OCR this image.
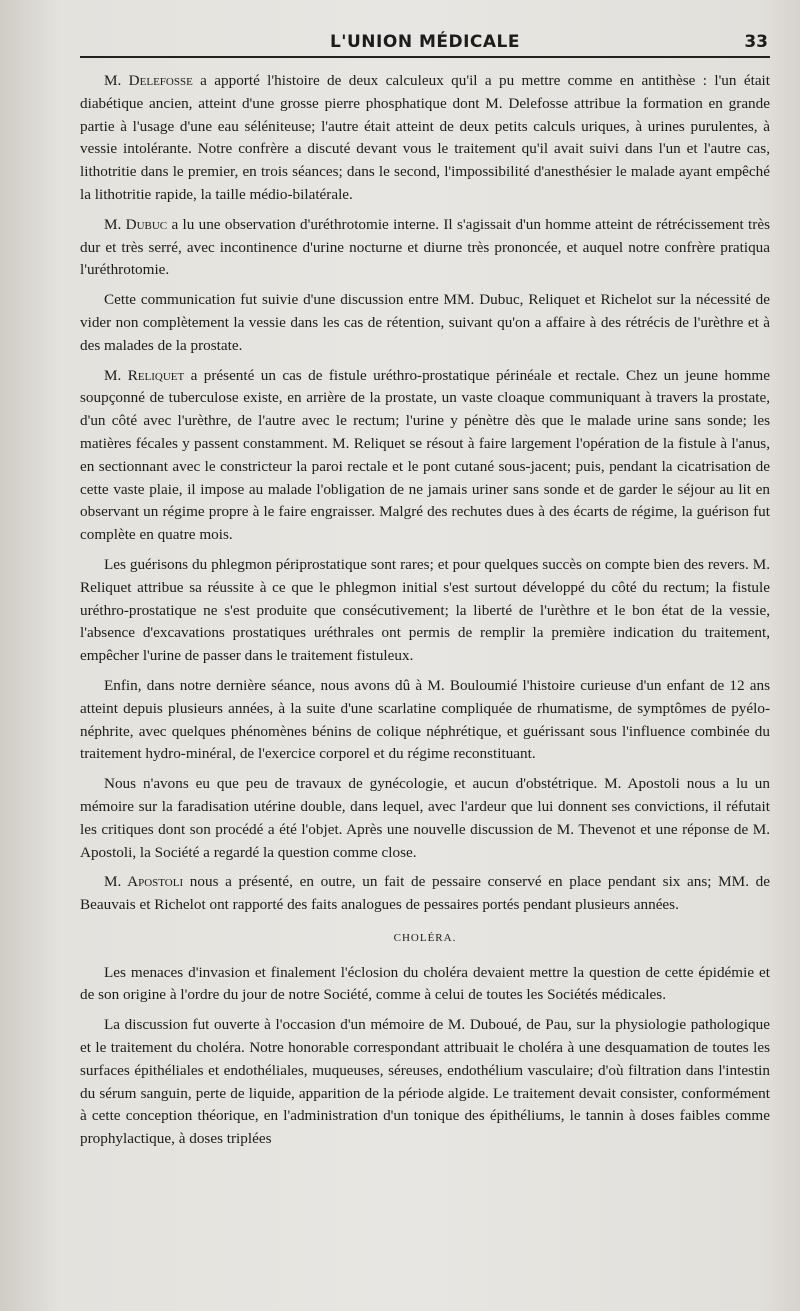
L'UNION MÉDICALE	33

M. Delefosse a apporté l'histoire de deux calculeux qu'il a pu mettre comme en antithèse : l'un était diabétique ancien, atteint d'une grosse pierre phosphatique dont M. Delefosse attribue la formation en grande partie à l'usage d'une eau séléniteuse; l'autre était atteint de deux petits calculs uriques, à urines purulentes, à vessie intolérante. Notre confrère a discuté devant vous le traitement qu'il avait suivi dans l'un et l'autre cas, lithotritie dans le premier, en trois séances; dans le second, l'impossibilité d'anesthésier le malade ayant empêché la lithotritie rapide, la taille médio-bilatérale.

M. Dubuc a lu une observation d'uréthrotomie interne. Il s'agissait d'un homme atteint de rétrécissement très dur et très serré, avec incontinence d'urine nocturne et diurne très prononcée, et auquel notre confrère pratiqua l'uréthrotomie.

Cette communication fut suivie d'une discussion entre MM. Dubuc, Reliquet et Richelot sur la nécessité de vider non complètement la vessie dans les cas de rétention, suivant qu'on a affaire à des rétrécis de l'urèthre et à des malades de la prostate.

M. Reliquet a présenté un cas de fistule uréthro-prostatique périnéale et rectale. Chez un jeune homme soupçonné de tuberculose existe, en arrière de la prostate, un vaste cloaque communiquant à travers la prostate, d'un côté avec l'urèthre, de l'autre avec le rectum; l'urine y pénètre dès que le malade urine sans sonde; les matières fécales y passent constamment. M. Reliquet se résout à faire largement l'opération de la fistule à l'anus, en sectionnant avec le constricteur la paroi rectale et le pont cutané sous-jacent; puis, pendant la cicatrisation de cette vaste plaie, il impose au malade l'obligation de ne jamais uriner sans sonde et de garder le séjour au lit en observant un régime propre à le faire engraisser. Malgré des rechutes dues à des écarts de régime, la guérison fut complète en quatre mois.

Les guérisons du phlegmon périprostatique sont rares; et pour quelques succès on compte bien des revers. M. Reliquet attribue sa réussite à ce que le phlegmon initial s'est surtout développé du côté du rectum; la fistule uréthro-prostatique ne s'est produite que consécutivement; la liberté de l'urèthre et le bon état de la vessie, l'absence d'excavations prostatiques uréthrales ont permis de remplir la première indication du traitement, empêcher l'urine de passer dans le traitement fistuleux.

Enfin, dans notre dernière séance, nous avons dû à M. Bouloumié l'histoire curieuse d'un enfant de 12 ans atteint depuis plusieurs années, à la suite d'une scarlatine compliquée de rhumatisme, de symptômes de pyélo-néphrite, avec quelques phénomènes bénins de colique néphrétique, et guérissant sous l'influence combinée du traitement hydro-minéral, de l'exercice corporel et du régime reconstituant.

Nous n'avons eu que peu de travaux de gynécologie, et aucun d'obstétrique. M. Apostoli nous a lu un mémoire sur la faradisation utérine double, dans lequel, avec l'ardeur que lui donnent ses convictions, il réfutait les critiques dont son procédé a été l'objet. Après une nouvelle discussion de M. Thevenot et une réponse de M. Apostoli, la Société a regardé la question comme close.

M. Apostoli nous a présenté, en outre, un fait de pessaire conservé en place pendant six ans; MM. de Beauvais et Richelot ont rapporté des faits analogues de pessaires portés pendant plusieurs années.

CHOLÉRA.

Les menaces d'invasion et finalement l'éclosion du choléra devaient mettre la question de cette épidémie et de son origine à l'ordre du jour de notre Société, comme à celui de toutes les Sociétés médicales.

La discussion fut ouverte à l'occasion d'un mémoire de M. Duboué, de Pau, sur la physiologie pathologique et le traitement du choléra. Notre honorable correspondant attribuait le choléra à une desquamation de toutes les surfaces épithéliales et endothéliales, muqueuses, séreuses, endothélium vasculaire; d'où filtration dans l'intestin du sérum sanguin, perte de liquide, apparition de la période algide. Le traitement devait consister, conformément à cette conception théorique, en l'administration d'un tonique des épithéliums, le tannin à doses faibles comme prophylactique, à doses triplées
